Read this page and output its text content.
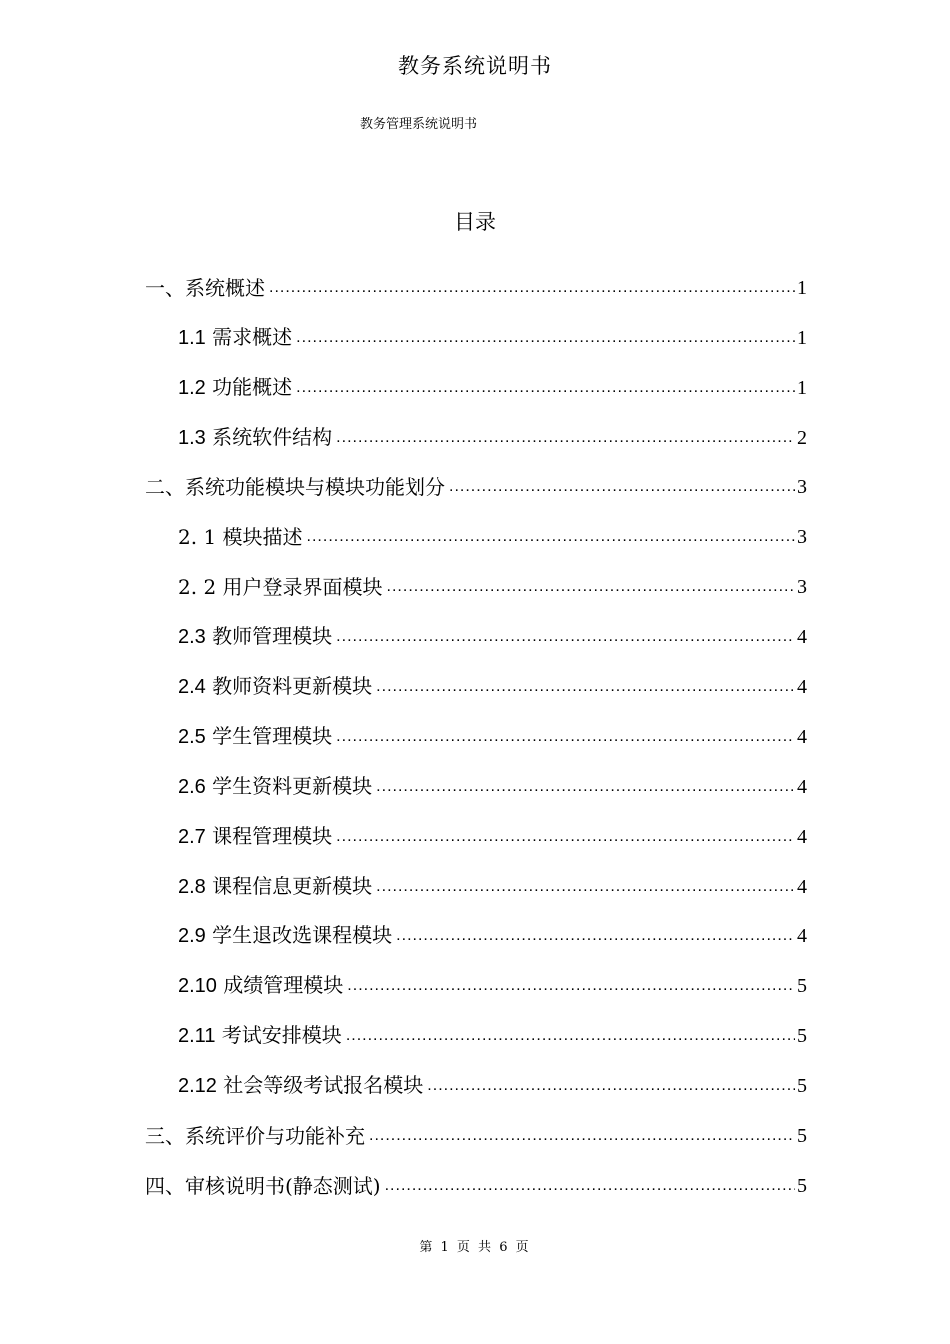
教务系统说明书
教务管理系统说明书
目录
一、系统概述 .....	1
1.1 需求概述 .....	1
1.2 功能概述 .....	1
1.3 系统软件结构 .....	2
二、系统功能模块与模块功能划分 .....	3
2. 1 模块描述 .....	3
2. 2 用户登录界面模块 .....	3
2.3 教师管理模块 .....	4
2.4 教师资料更新模块 .....	4
2.5 学生管理模块 .....	4
2.6 学生资料更新模块 .....	4
2.7 课程管理模块 .....	4
2.8 课程信息更新模块 .....	4
2.9 学生退改选课程模块 .....	4
2.10 成绩管理模块 .....	5
2.11 考试安排模块 .....	5
2.12 社会等级考试报名模块 .....	5
三、系统评价与功能补充 .....	5
四、审核说明书(静态测试) .....	5
第 1 页 共 6 页
